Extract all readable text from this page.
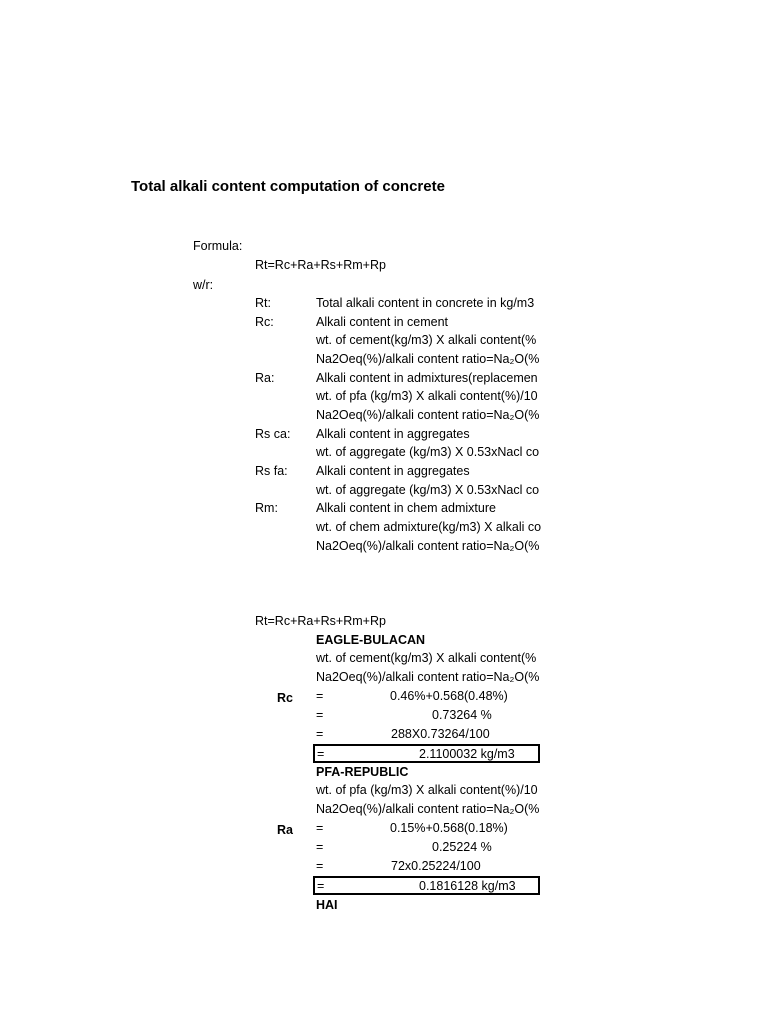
Total alkali content computation of concrete
Formula:
Rt=Rc+Ra+Rs+Rm+Rp
w/r:
Rt:	Total alkali content in concrete in kg/m3
Rc:	Alkali content in cement
wt. of cement(kg/m3) X alkali content(%
Na2Oeq(%)/alkali content ratio=Na₂O(%
Ra:	Alkali content in admixtures(replacemen
wt. of pfa (kg/m3) X alkali content(%)/10
Na2Oeq(%)/alkali content ratio=Na₂O(%
Rs ca: Alkali content in aggregates
wt. of aggregate (kg/m3) X 0.53xNacl co
Rs fa: Alkali content in aggregates
wt. of aggregate (kg/m3) X 0.53xNacl co
Rm:	Alkali content in chem admixture
wt. of chem admixture(kg/m3) X alkali co
Na2Oeq(%)/alkali content ratio=Na₂O(%
Rt=Rc+Ra+Rs+Rm+Rp
EAGLE-BULACAN
wt. of cement(kg/m3) X alkali content(%
Na2Oeq(%)/alkali content ratio=Na₂O(%
Rc =	0.46%+0.568(0.48%)
=	0.73264 %
=	288X0.73264/100
=	2.1100032 kg/m3
PFA-REPUBLIC
wt. of pfa (kg/m3) X alkali content(%)/10
Na2Oeq(%)/alkali content ratio=Na₂O(%
Ra =	0.15%+0.568(0.18%)
=	0.25224 %
=	72x0.25224/100
=	0.1816128 kg/m3
HAI
